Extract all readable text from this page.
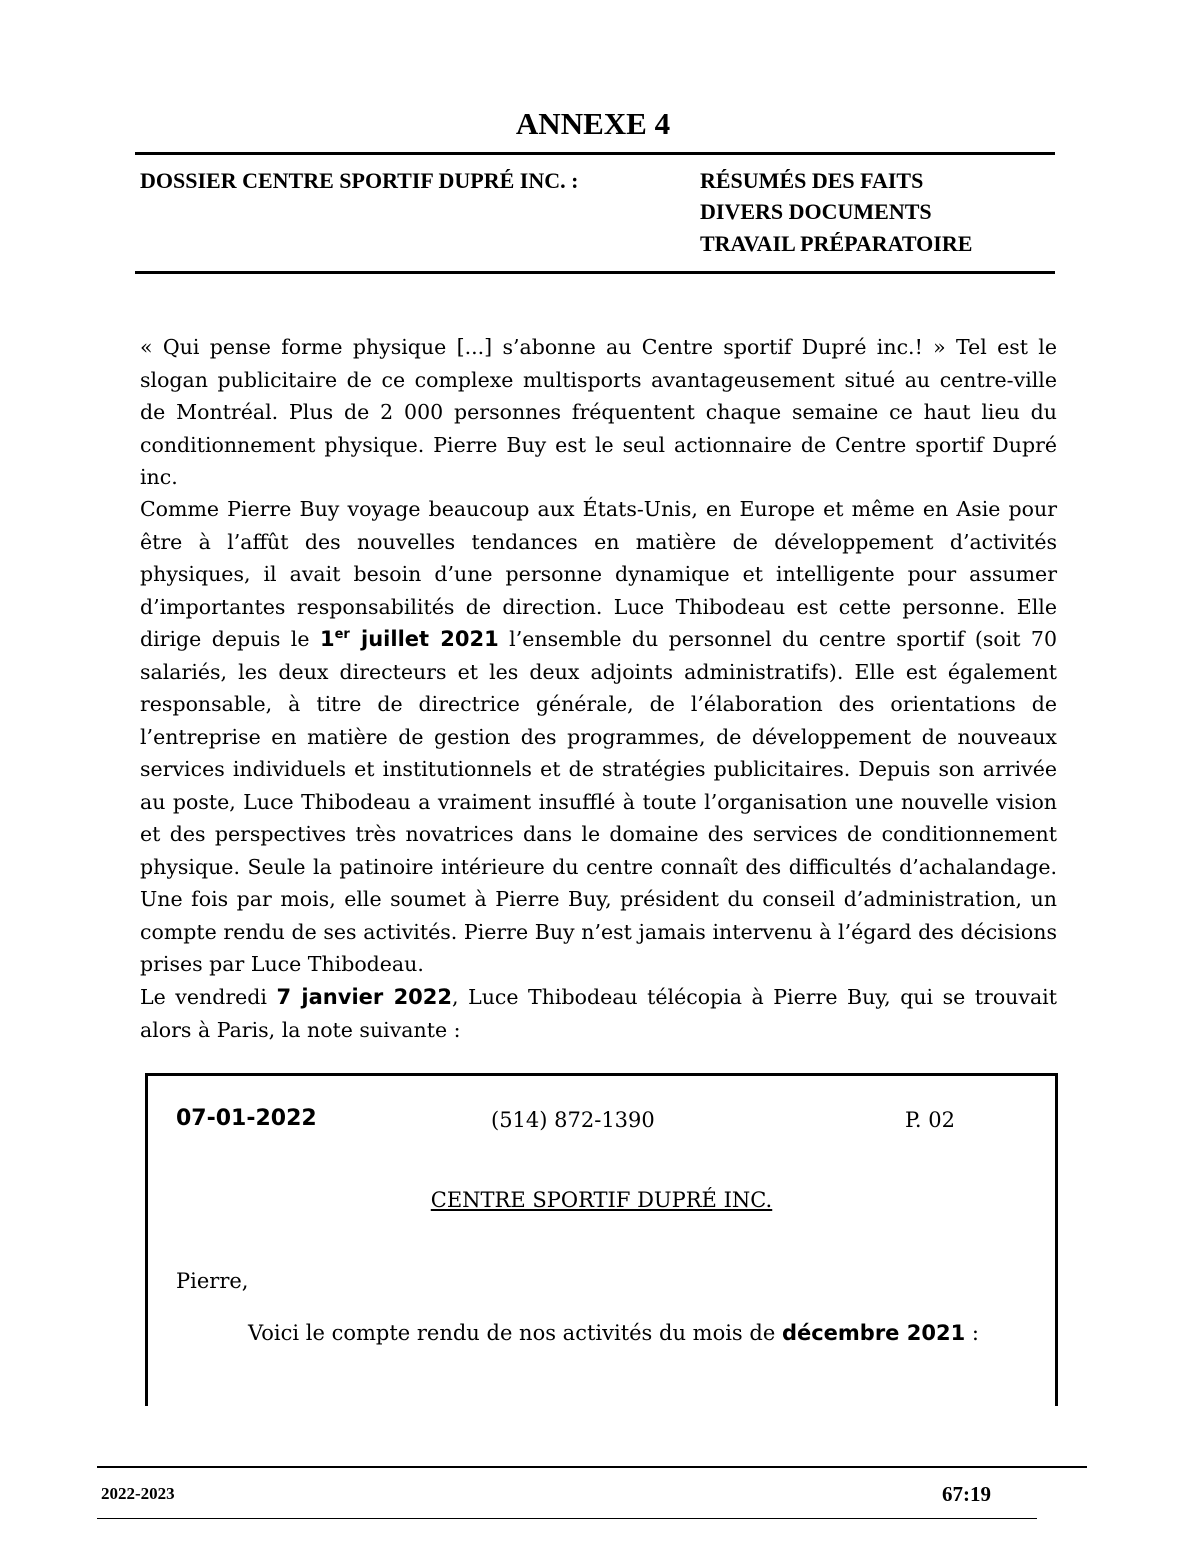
ANNEXE 4
DOSSIER CENTRE SPORTIF DUPRÉ INC. :	RÉSUMÉS DES FAITS
DIVERS DOCUMENTS
TRAVAIL PRÉPARATOIRE
« Qui pense forme physique [...] s’abonne au Centre sportif Dupré inc.! » Tel est le slogan publicitaire de ce complexe multisports avantageusement situé au centre-ville de Montréal. Plus de 2 000 personnes fréquentent chaque semaine ce haut lieu du conditionnement physique. Pierre Buy est le seul actionnaire de Centre sportif Dupré inc.
Comme Pierre Buy voyage beaucoup aux États-Unis, en Europe et même en Asie pour être à l’affût des nouvelles tendances en matière de développement d’activités physiques, il avait besoin d’une personne dynamique et intelligente pour assumer d’importantes responsabilités de direction. Luce Thibodeau est cette personne. Elle dirige depuis le 1er juillet 2021 l’ensemble du personnel du centre sportif (soit 70 salariés, les deux directeurs et les deux adjoints administratifs). Elle est également responsable, à titre de directrice générale, de l’élaboration des orientations de l’entreprise en matière de gestion des programmes, de développement de nouveaux services individuels et institutionnels et de stratégies publicitaires. Depuis son arrivée au poste, Luce Thibodeau a vraiment insufflé à toute l’organisation une nouvelle vision et des perspectives très novatrices dans le domaine des services de conditionnement physique. Seule la patinoire intérieure du centre connaît des difficultés d’achalandage. Une fois par mois, elle soumet à Pierre Buy, président du conseil d’administration, un compte rendu de ses activités. Pierre Buy n’est jamais intervenu à l’égard des décisions prises par Luce Thibodeau.
Le vendredi 7 janvier 2022, Luce Thibodeau télécopia à Pierre Buy, qui se trouvait alors à Paris, la note suivante :
07-01-2022	(514) 872-1390	P. 02
CENTRE SPORTIF DUPRÉ INC.
Pierre,
Voici le compte rendu de nos activités du mois de décembre 2021 :
2022-2023	67:19
